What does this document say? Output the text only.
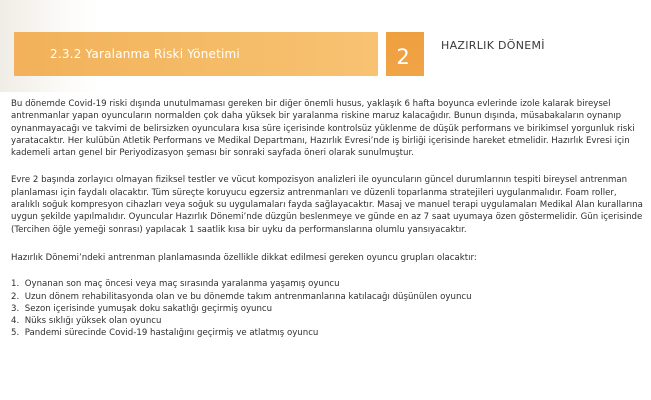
2.3.2 Yaralanma Riski Yönetimi	2	HAZIRLIK DÖNEMİ

Bu dönemde Covid-19 riski dışında unutulmaması gereken bir diğer önemli husus, yaklaşık 6 hafta boyunca evlerinde izole kalarak bireysel antrenmanlar yapan oyuncuların normalden çok daha yüksek bir yaralanma riskine maruz kalacağıdır. Bunun dışında, müsabakaların oynanıp oynanmayacağı ve takvimi de belirsizken oyunculara kısa süre içerisinde kontrolsüz yüklenme de düşük performans ve birikimsel yorgunluk riski yaratacaktır. Her kulübün Atletik Performans ve Medikal Departmanı, Hazırlık Evresi’nde iş birliği içerisinde hareket etmelidir. Hazırlık Evresi için kademeli artan genel bir Periyodizasyon şeması bir sonraki sayfada öneri olarak sunulmuştur.

Evre 2 başında zorlayıcı olmayan fiziksel testler ve vücut kompozisyon analizleri ile oyuncuların güncel durumlarının tespiti bireysel antrenman planlaması için faydalı olacaktır. Tüm süreçte koruyucu egzersiz antrenmanları ve düzenli toparlanma stratejileri uygulanmalıdır. Foam roller, aralıklı soğuk kompresyon cihazları veya soğuk su uygulamaları fayda sağlayacaktır. Masaj ve manuel terapi uygulamaları Medikal Alan kurallarına uygun şekilde yapılmalıdır. Oyuncular Hazırlık Dönemi’nde düzgün beslenmeye ve günde en az 7 saat uyumaya özen göstermelidir. Gün içerisinde (Tercihen öğle yemeği sonrası) yapılacak 1 saatlik kısa bir uyku da performanslarına olumlu yansıyacaktır.

Hazırlık Dönemi’ndeki antrenman planlamasında özellikle dikkat edilmesi gereken oyuncu grupları olacaktır:

1. Oynanan son maç öncesi veya maç sırasında yaralanma yaşamış oyuncu
2. Uzun dönem rehabilitasyonda olan ve bu dönemde takım antrenmanlarına katılacağı düşünülen oyuncu
3. Sezon içerisinde yumuşak doku sakatlığı geçirmiş oyuncu
4. Nüks sıklığı yüksek olan oyuncu
5. Pandemi sürecinde Covid-19 hastalığını geçirmiş ve atlatmış oyuncu
